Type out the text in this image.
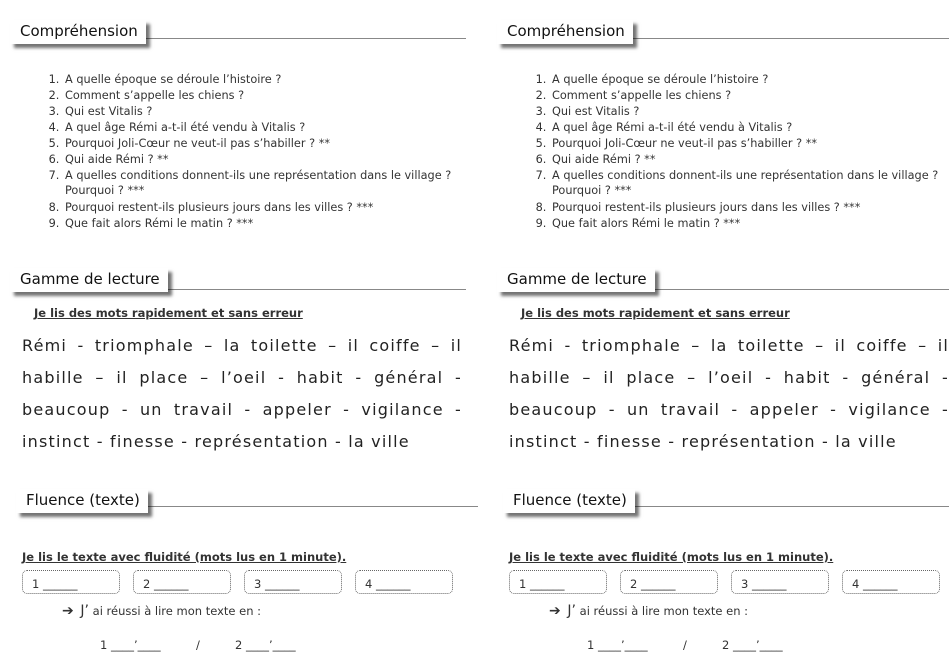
Compréhension
1. A quelle époque se déroule l’histoire ?
2. Comment s’appelle les chiens ?
3. Qui est Vitalis ?
4. A quel âge Rémi a-t-il été vendu à Vitalis ?
5. Pourquoi Joli-Cœur ne veut-il pas s’habiller ? **
6. Qui aide Rémi ? **
7. A quelles conditions donnent-ils une représentation dans le village ? Pourquoi ? ***
8. Pourquoi restent-ils plusieurs jours dans les villes ? ***
9. Que fait alors Rémi le matin ? ***
Gamme de lecture
Je lis des mots rapidement et sans erreur

Rémi - triomphale – la toilette – il coiffe – il habille – il place – l’oeil - habit - général - beaucoup - un travail - appeler - vigilance - instinct - finesse - représentation - la ville

Fluence (texte)
Je lis le texte avec fluidité (mots lus en 1 minute).
1 ______	2 ______	3 ______	4 ______
➔ J’ ai réussi à lire mon texte en :
1 ____’____	/	2 ____’____
Compréhension
1. A quelle époque se déroule l’histoire ?
2. Comment s’appelle les chiens ?
3. Qui est Vitalis ?
4. A quel âge Rémi a-t-il été vendu à Vitalis ?
5. Pourquoi Joli-Cœur ne veut-il pas s’habiller ? **
6. Qui aide Rémi ? **
7. A quelles conditions donnent-ils une représentation dans le village ? Pourquoi ? ***
8. Pourquoi restent-ils plusieurs jours dans les villes ? ***
9. Que fait alors Rémi le matin ? ***
Gamme de lecture
Je lis des mots rapidement et sans erreur

Rémi - triomphale – la toilette – il coiffe – il habille – il place – l’oeil - habit - général - beaucoup - un travail - appeler - vigilance - instinct - finesse - représentation - la ville

Fluence (texte)
Je lis le texte avec fluidité (mots lus en 1 minute).
1 ______	2 ______	3 ______	4 ______
➔ J’ ai réussi à lire mon texte en :
1 ____’____	/	2 ____’____
